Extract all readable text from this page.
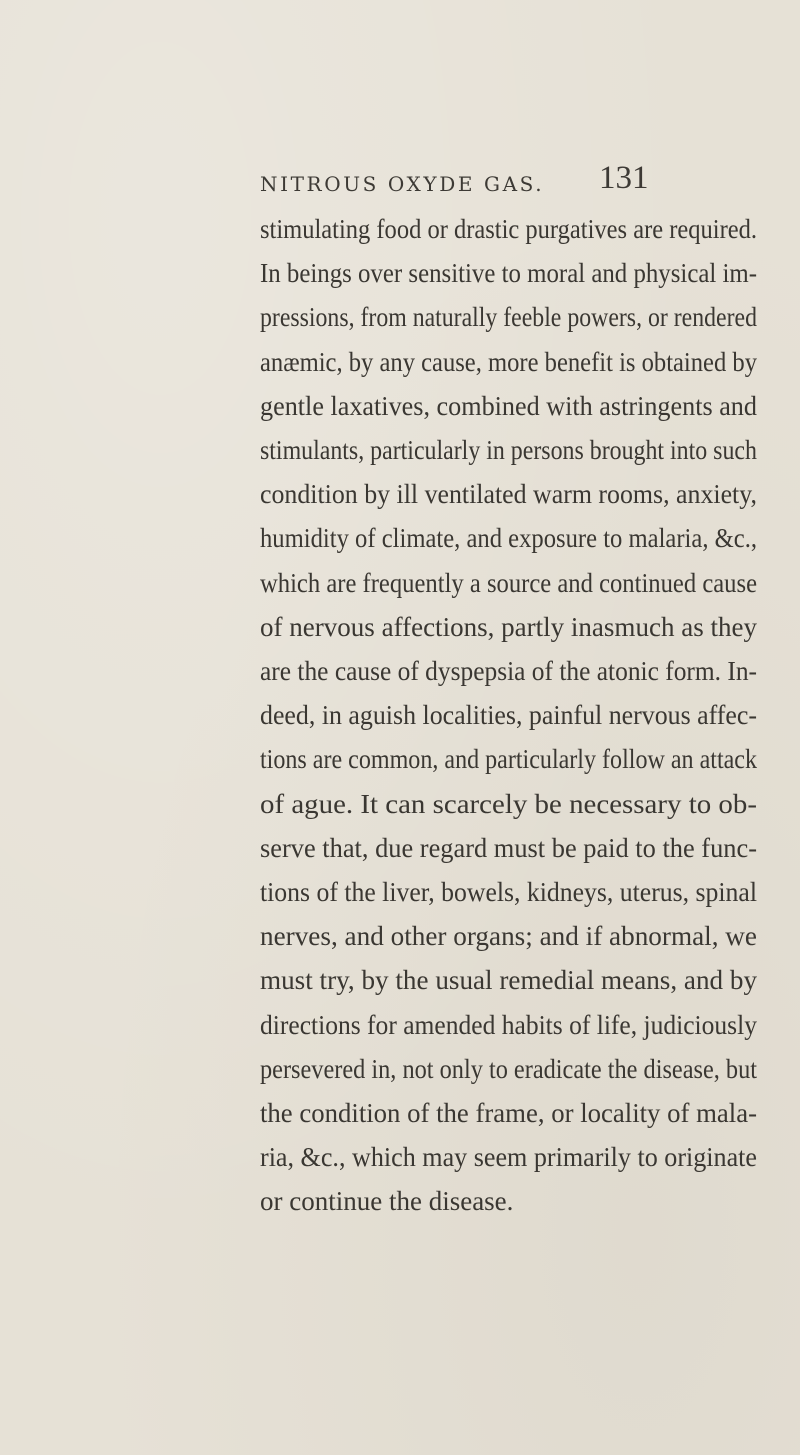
NITROUS OXYDE GAS. 131
stimulating food or drastic purgatives are required.
In beings over sensitive to moral and physical im-
pressions, from naturally feeble powers, or rendered
anæmic, by any cause, more benefit is obtained by
gentle laxatives, combined with astringents and
stimulants, particularly in persons brought into such
condition by ill ventilated warm rooms, anxiety,
humidity of climate, and exposure to malaria, &c.,
which are frequently a source and continued cause
of nervous affections, partly inasmuch as they
are the cause of dyspepsia of the atonic form. In-
deed, in aguish localities, painful nervous affec-
tions are common, and particularly follow an attack
of ague. It can scarcely be necessary to ob-
serve that, due regard must be paid to the func-
tions of the liver, bowels, kidneys, uterus, spinal
nerves, and other organs; and if abnormal, we
must try, by the usual remedial means, and by
directions for amended habits of life, judiciously
persevered in, not only to eradicate the disease, but
the condition of the frame, or locality of mala-
ria, &c., which may seem primarily to originate
or continue the disease.
